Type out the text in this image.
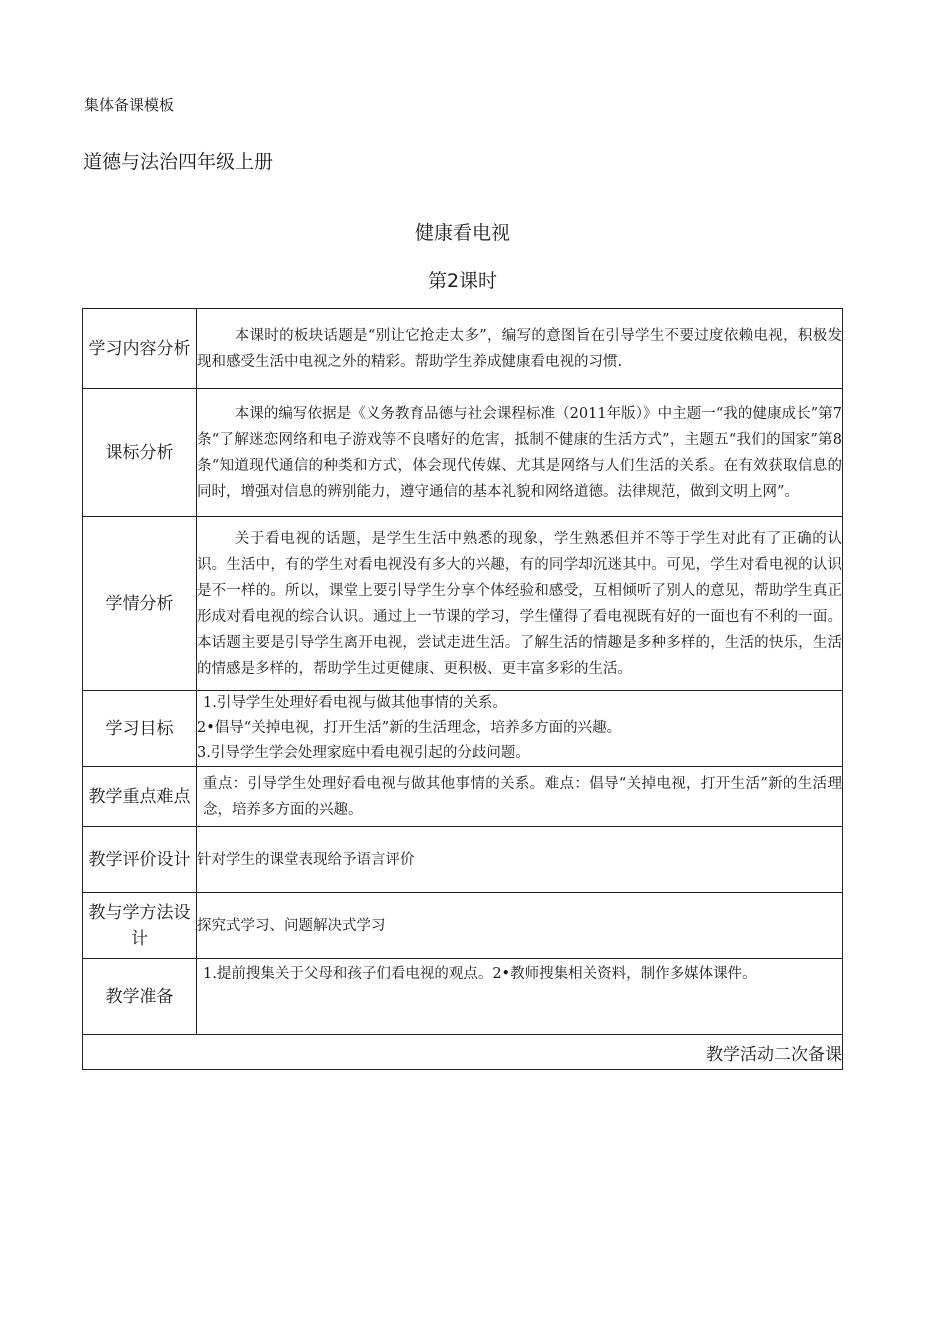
集体备课模板
道德与法治四年级上册
健康看电视
第2课时
学习内容分析	本课时的板块话题是“别让它抢走太多”，编写的意图旨在引导学生不要过度依赖电视，积极发现和感受生活中电视之外的精彩。帮助学生养成健康看电视的习惯.
课标分析	本课的编写依据是《义务教育品德与社会课程标准（2011年版）》中主题一“我的健康成长”第7条“了解迷恋网络和电子游戏等不良嗜好的危害，抵制不健康的生活方式”，主题五“我们的国家”第8条“知道现代通信的种类和方式，体会现代传媒、尤其是网络与人们生活的关系。在有效获取信息的同时，增强对信息的辨别能力，遵守通信的基本礼貌和网络道德。法律规范，做到文明上网”。
学情分析	关于看电视的话题，是学生生活中熟悉的现象，学生熟悉但并不等于学生对此有了正确的认识。生活中，有的学生对看电视没有多大的兴趣，有的同学却沉迷其中。可见，学生对看电视的认识是不一样的。所以，课堂上要引导学生分享个体经验和感受，互相倾听了别人的意见，帮助学生真正形成对看电视的综合认识。通过上一节课的学习，学生懂得了看电视既有好的一面也有不利的一面。本话题主要是引导学生离开电视，尝试走进生活。了解生活的情趣是多种多样的，生活的快乐，生活的情感是多样的，帮助学生过更健康、更积极、更丰富多彩的生活。
学习目标	1.引导学生处理好看电视与做其他事情的关系。

2•倡导“关掉电视，打开生活”新的生活理念，培养多方面的兴趣。

3.引导学生学会处理家庭中看电视引起的分歧问题。

教学重点难点	重点：引导学生处理好看电视与做其他事情的关系。难点：倡导“关掉电视，打开生活”新的生活理念，培养多方面的兴趣。

教学评价设计	针对学生的课堂表现给予语言评价
教与学方法设计	探究式学习、问题解决式学习
教学准备	1.提前搜集关于父母和孩子们看电视的观点。2•教师搜集相关资料，制作多媒体课件。

教学活动二次备课	
